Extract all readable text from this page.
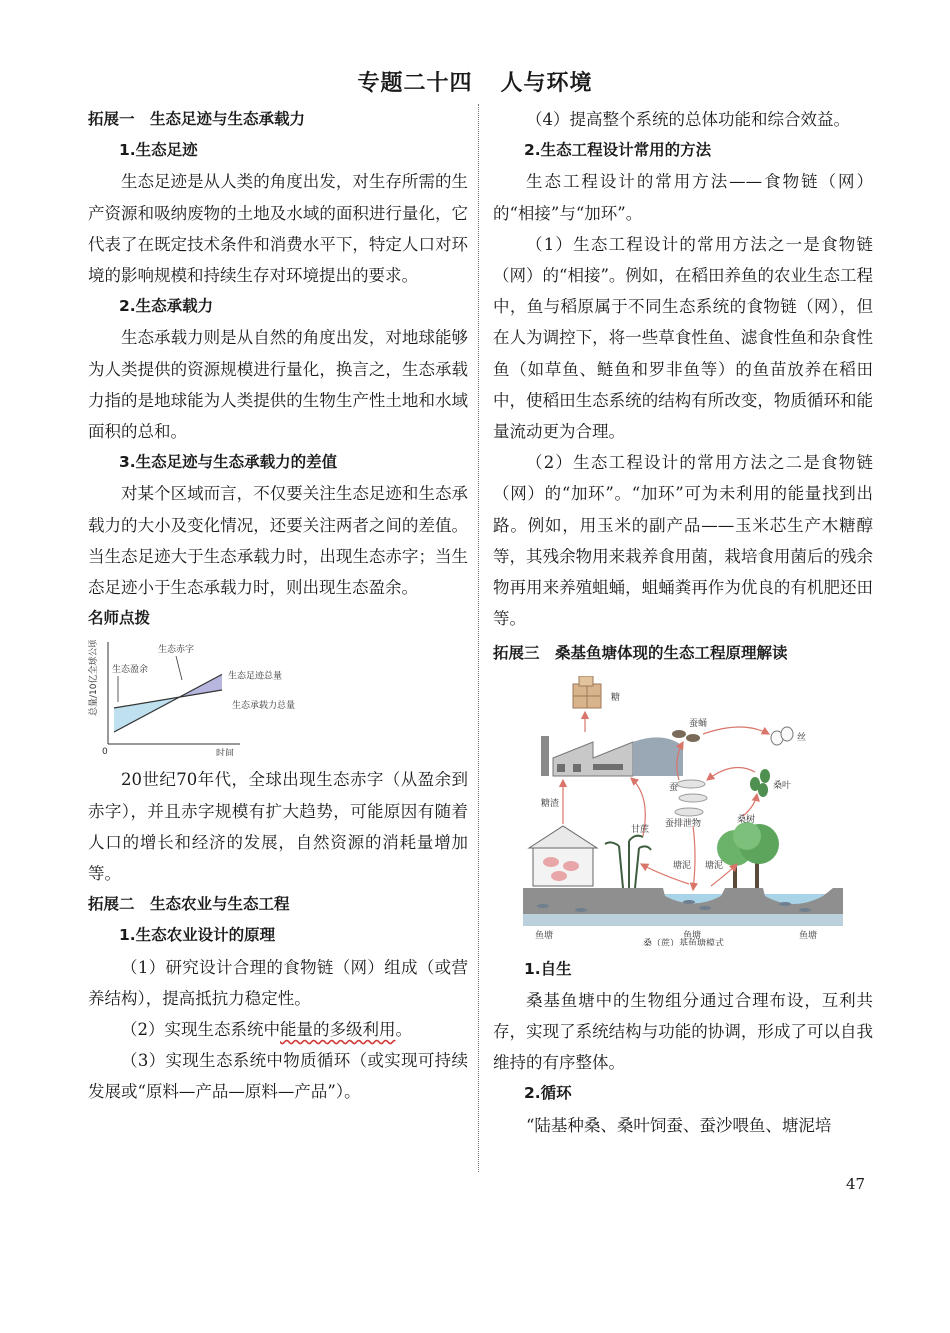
专题二十四 人与环境

拓展一　生态足迹与生态承载力

1.生态足迹

生态足迹是从人类的角度出发，对生存所需的生产资源和吸纳废物的土地及水域的面积进行量化，它代表了在既定技术条件和消费水平下，特定人口对环境的影响规模和持续生存对环境提出的要求。

2.生态承载力

生态承载力则是从自然的角度出发，对地球能够为人类提供的资源规模进行量化，换言之，生态承载力指的是地球能为人类提供的生物生产性土地和水域面积的总和。

3.生态足迹与生态承载力的差值

对某个区域而言，不仅要关注生态足迹和生态承载力的大小及变化情况，还要关注两者之间的差值。当生态足迹大于生态承载力时，出现生态赤字；当生态足迹小于生态承载力时，则出现生态盈余。

名师点拨

总量/10亿全球公顷
时间
0
生态足迹总量
生态承载力总量
生态赤字
生态盈余

20世纪70年代，全球出现生态赤字（从盈余到赤字），并且赤字规模有扩大趋势，可能原因有随着人口的增长和经济的发展，自然资源的消耗量增加等。

拓展二　生态农业与生态工程

1.生态农业设计的原理

（1）研究设计合理的食物链（网）组成（或营养结构），提高抵抗力稳定性。

（2）实现生态系统中能量的多级利用。

（3）实现生态系统中物质循环（或实现可持续发展或“原料—产品—原料—产品”）。

（4）提高整个系统的总体功能和综合效益。

2.生态工程设计常用的方法

生态工程设计的常用方法——食物链（网）的“相接”与“加环”。

（1）生态工程设计的常用方法之一是食物链（网）的“相接”。例如，在稻田养鱼的农业生态工程中，鱼与稻原属于不同生态系统的食物链（网），但在人为调控下，将一些草食性鱼、滤食性鱼和杂食性鱼（如草鱼、鲢鱼和罗非鱼等）的鱼苗放养在稻田中，使稻田生态系统的结构有所改变，物质循环和能量流动更为合理。

（2）生态工程设计的常用方法之二是食物链（网）的“加环”。“加环”可为未利用的能量找到出路。例如，用玉米的副产品——玉米芯生产木糖醇等，其残余物用来栽养食用菌，栽培食用菌后的残余物再用来养殖蛆蛹，蛆蛹粪再作为优良的有机肥还田等。

拓展三　桑基鱼塘体现的生态工程原理解读

糖
蚕蛹
丝
蚕	桑叶
糖渣
蚕排泄物	桑树
甘蔗
塘泥 塘泥
鱼塘	鱼塘	鱼塘
桑（蔗）基鱼塘模式

1.自生

桑基鱼塘中的生物组分通过合理布设，互利共存，实现了系统结构与功能的协调，形成了可以自我维持的有序整体。

2.循环

“陆基种桑、桑叶饲蚕、蚕沙喂鱼、塘泥培

47
